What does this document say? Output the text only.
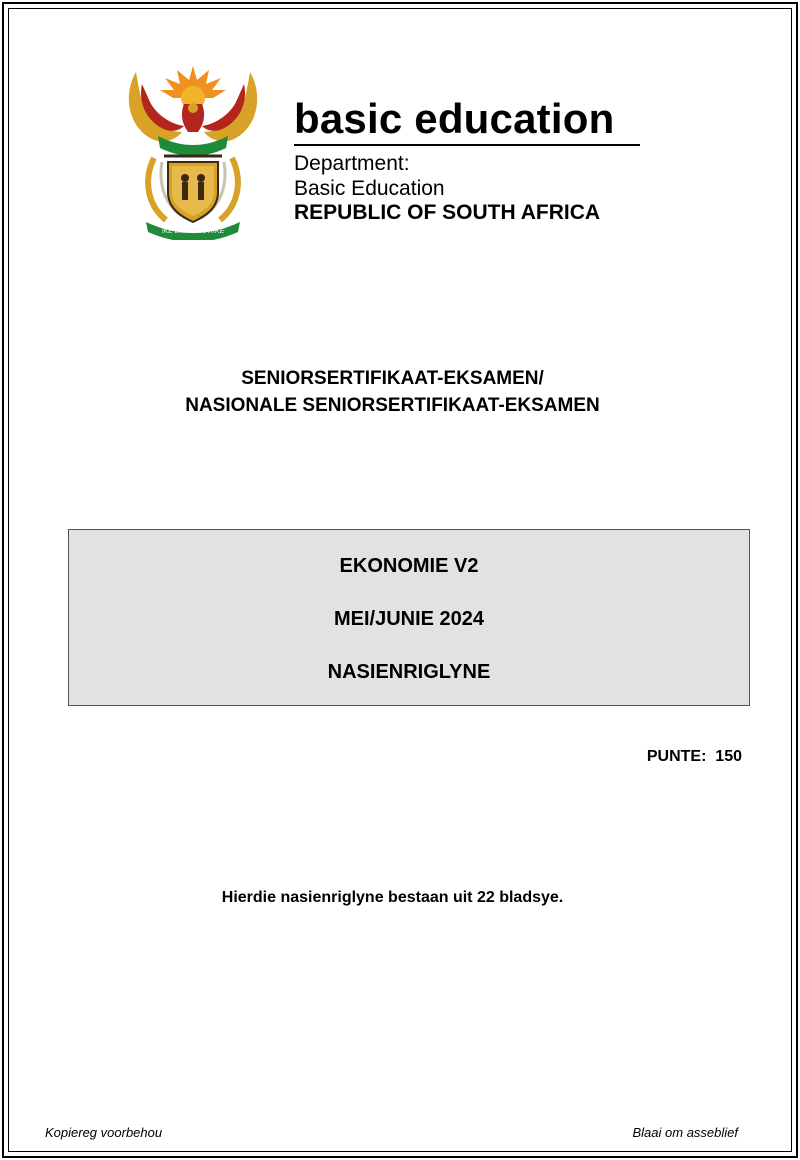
!KE E: /XARRA //KE
basic education
Department:
Basic Education
REPUBLIC OF SOUTH AFRICA
SENIORSERTIFIKAAT-EKSAMEN/
NASIONALE SENIORSERTIFIKAAT-EKSAMEN
EKONOMIE V2
MEI/JUNIE 2024
NASIENRIGLYNE
PUNTE:  150
Hierdie nasienriglyne bestaan uit 22 bladsye.
Kopiereg voorbehou	Blaai om asseblief
